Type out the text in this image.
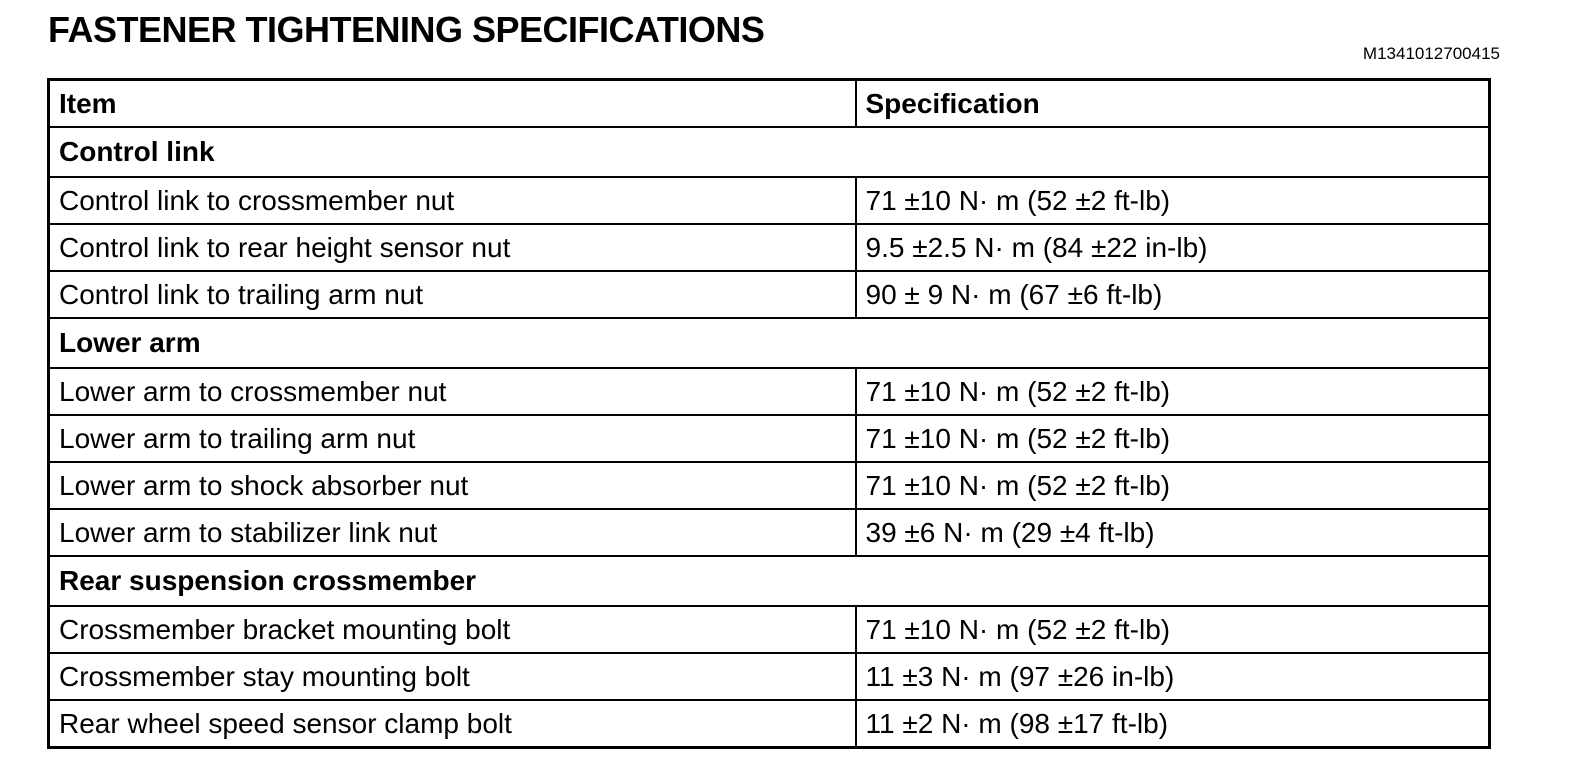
FASTENER TIGHTENING SPECIFICATIONS
M1341012700415
Item	Specification
Control link	
Control link to crossmember nut	71 ±10 N· m (52 ±2 ft-lb)
Control link to rear height sensor nut	9.5 ±2.5 N· m (84 ±22 in-lb)
Control link to trailing arm nut	90 ± 9 N· m (67 ±6 ft-lb)
Lower arm	
Lower arm to crossmember nut	71 ±10 N· m (52 ±2 ft-lb)
Lower arm to trailing arm nut	71 ±10 N· m (52 ±2 ft-lb)
Lower arm to shock absorber nut	71 ±10 N· m (52 ±2 ft-lb)
Lower arm to stabilizer link nut	39 ±6 N· m (29 ±4 ft-lb)
Rear suspension crossmember	
Crossmember bracket mounting bolt	71 ±10 N· m (52 ±2 ft-lb)
Crossmember stay mounting bolt	11 ±3 N· m (97 ±26 in-lb)
Rear wheel speed sensor clamp bolt	11 ±2 N· m (98 ±17 ft-lb)
